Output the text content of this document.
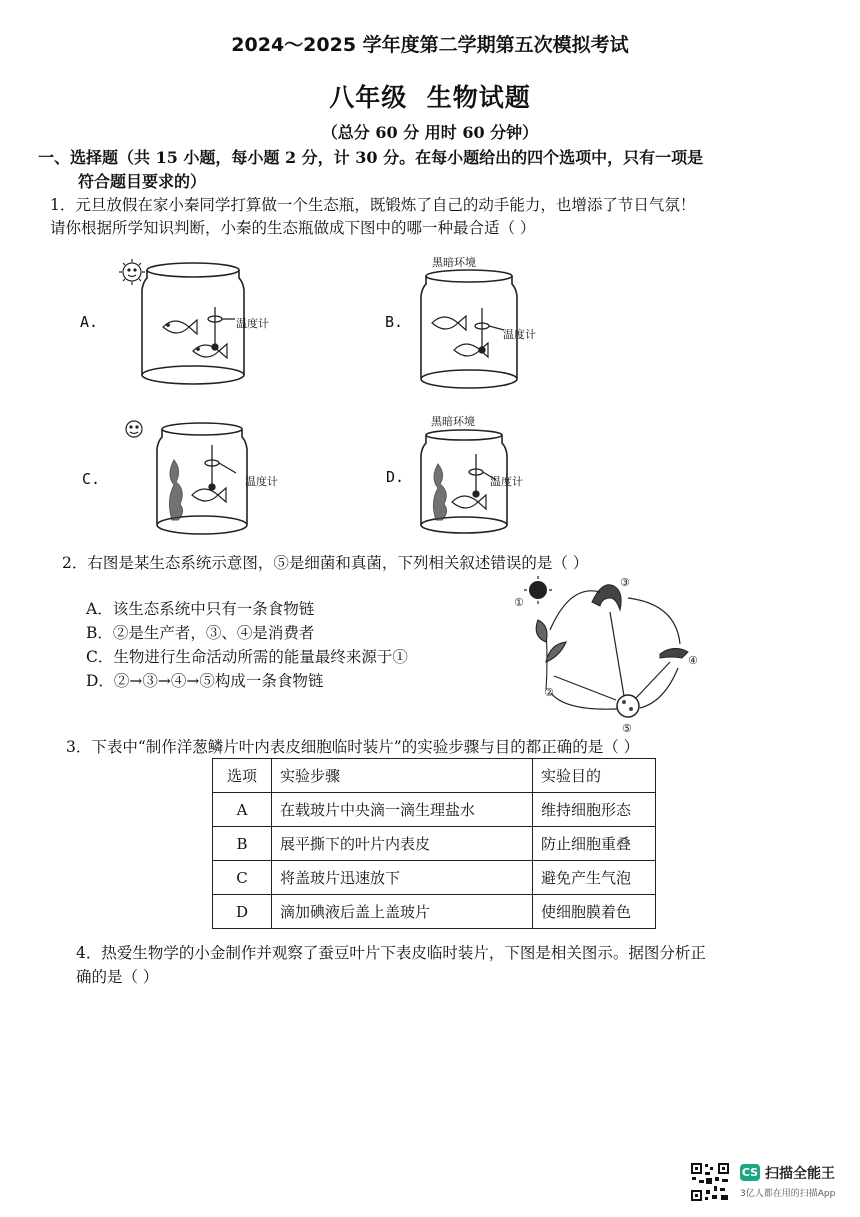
2024～2025 学年度第二学期第五次模拟考试
八年级  生物试题
（总分 60 分 用时 60 分钟）
一、选择题（共 15 小题，每小题 2 分，计 30 分。在每小题给出的四个选项中，只有一项是
符合题目要求的）
1．元旦放假在家小秦同学打算做一个生态瓶，既锻炼了自己的动手能力，也增添了节日气氛！
请你根据所学知识判断，小秦的生态瓶做成下图中的哪一种最合适（ ）
A.	温度计	B.
黑暗环境
温度计
C.	温度计	D.
黑暗环境
温度计
2．右图是某生态系统示意图，⑤是细菌和真菌，下列相关叙述错误的是（ ）
A．该生态系统中只有一条食物链
B．②是生产者，③、④是消费者
C．生物进行生命活动所需的能量最终来源于①
D．②→③→④→⑤构成一条食物链
①
②
③
④
⑤
3．下表中“制作洋葱鳞片叶内表皮细胞临时装片”的实验步骤与目的都正确的是（ ）
选项	实验步骤	实验目的
A	在载玻片中央滴一滴生理盐水	维持细胞形态
B	展平撕下的叶片内表皮	防止细胞重叠
C	将盖玻片迅速放下	避免产生气泡
D	滴加碘液后盖上盖玻片	使细胞膜着色
4．热爱生物学的小金制作并观察了蚕豆叶片下表皮临时装片，下图是相关图示。据图分析正
确的是（ ）
CS 扫描全能王
3亿人都在用的扫描App
